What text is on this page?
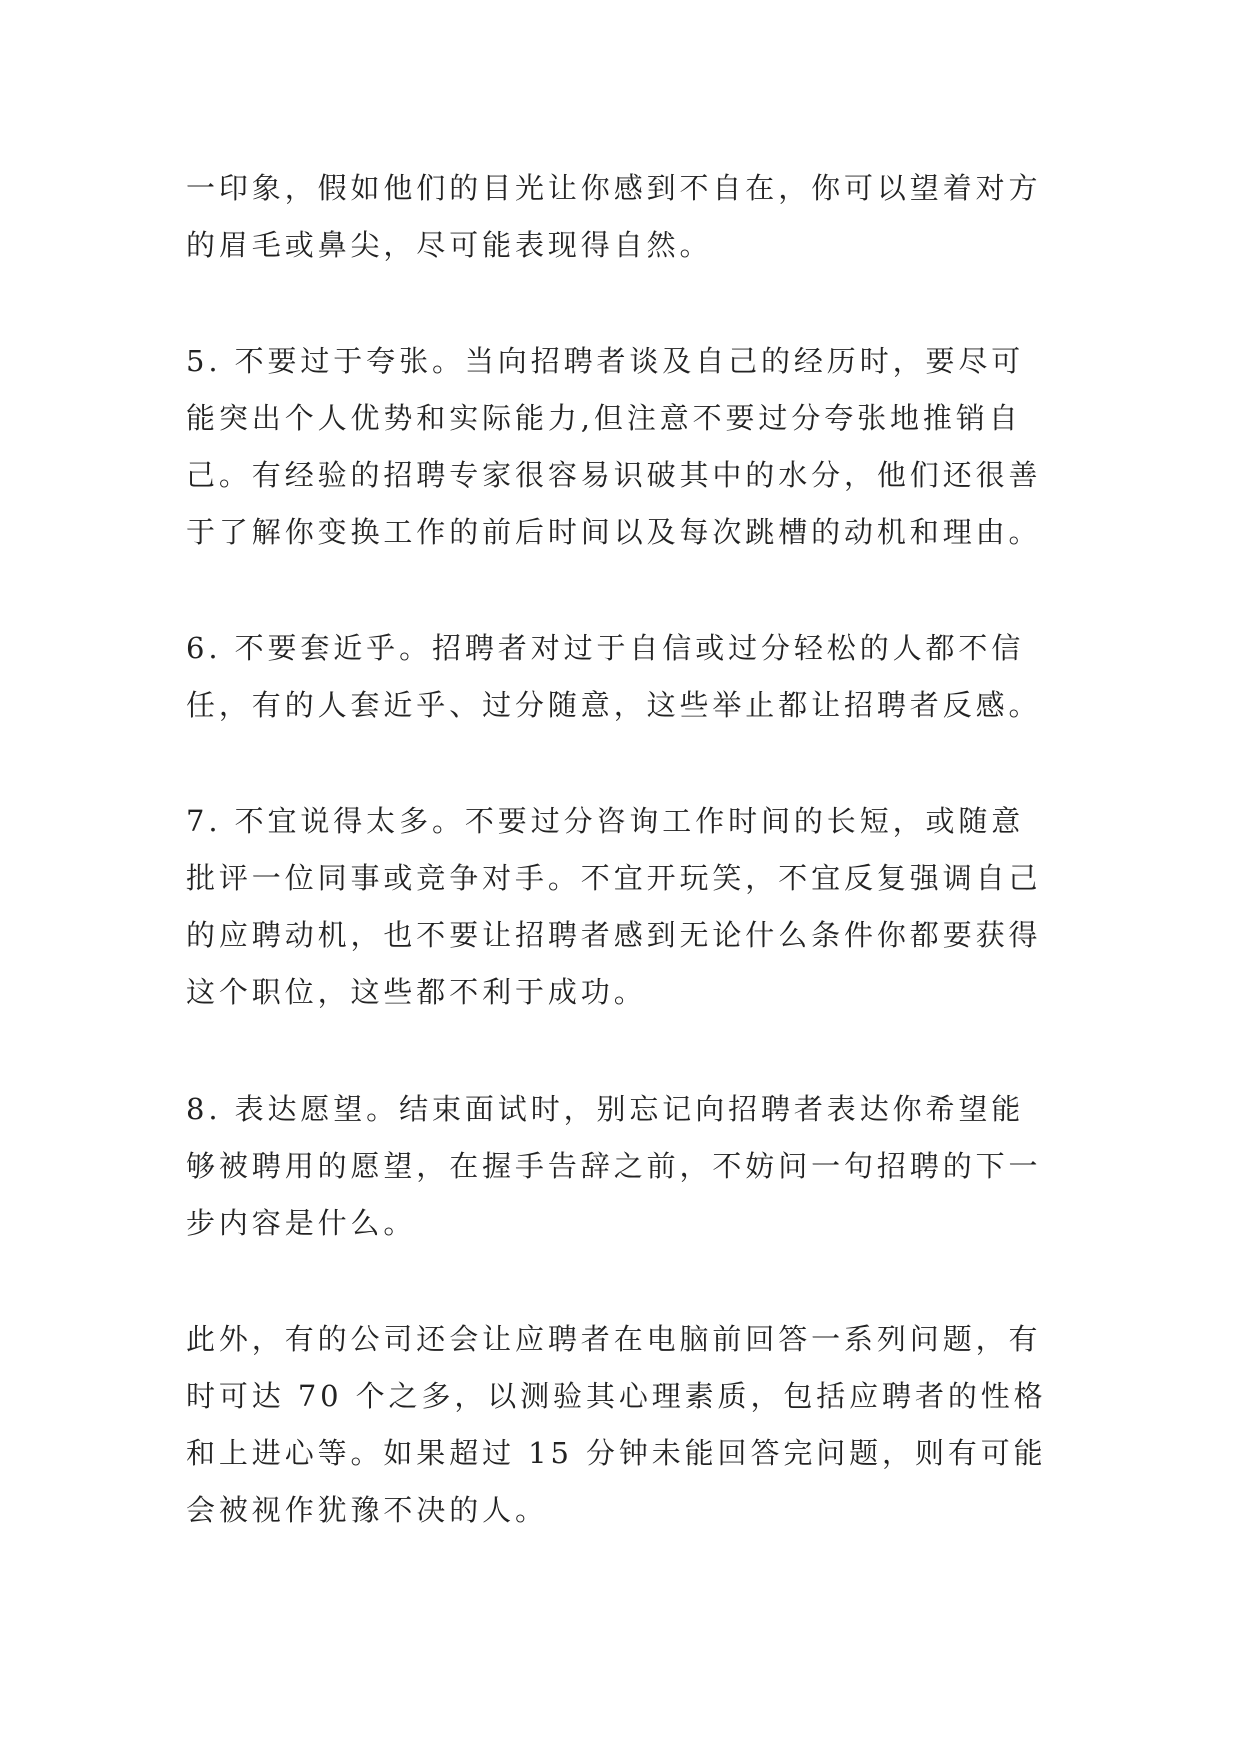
一印象，假如他们的目光让你感到不自在，你可以望着对方的眉毛或鼻尖，尽可能表现得自然。

5. 不要过于夸张。当向招聘者谈及自己的经历时，要尽可能突出个人优势和实际能力,但注意不要过分夸张地推销自己。有经验的招聘专家很容易识破其中的水分，他们还很善于了解你变换工作的前后时间以及每次跳槽的动机和理由。

6. 不要套近乎。招聘者对过于自信或过分轻松的人都不信任，有的人套近乎、过分随意，这些举止都让招聘者反感。

7. 不宜说得太多。不要过分咨询工作时间的长短，或随意批评一位同事或竞争对手。不宜开玩笑，不宜反复强调自己的应聘动机，也不要让招聘者感到无论什么条件你都要获得这个职位，这些都不利于成功。

8. 表达愿望。结束面试时，别忘记向招聘者表达你希望能够被聘用的愿望，在握手告辞之前，不妨问一句招聘的下一步内容是什么。

此外，有的公司还会让应聘者在电脑前回答一系列问题，有时可达 70 个之多，以测验其心理素质，包括应聘者的性格和上进心等。如果超过 15 分钟未能回答完问题，则有可能会被视作犹豫不决的人。
